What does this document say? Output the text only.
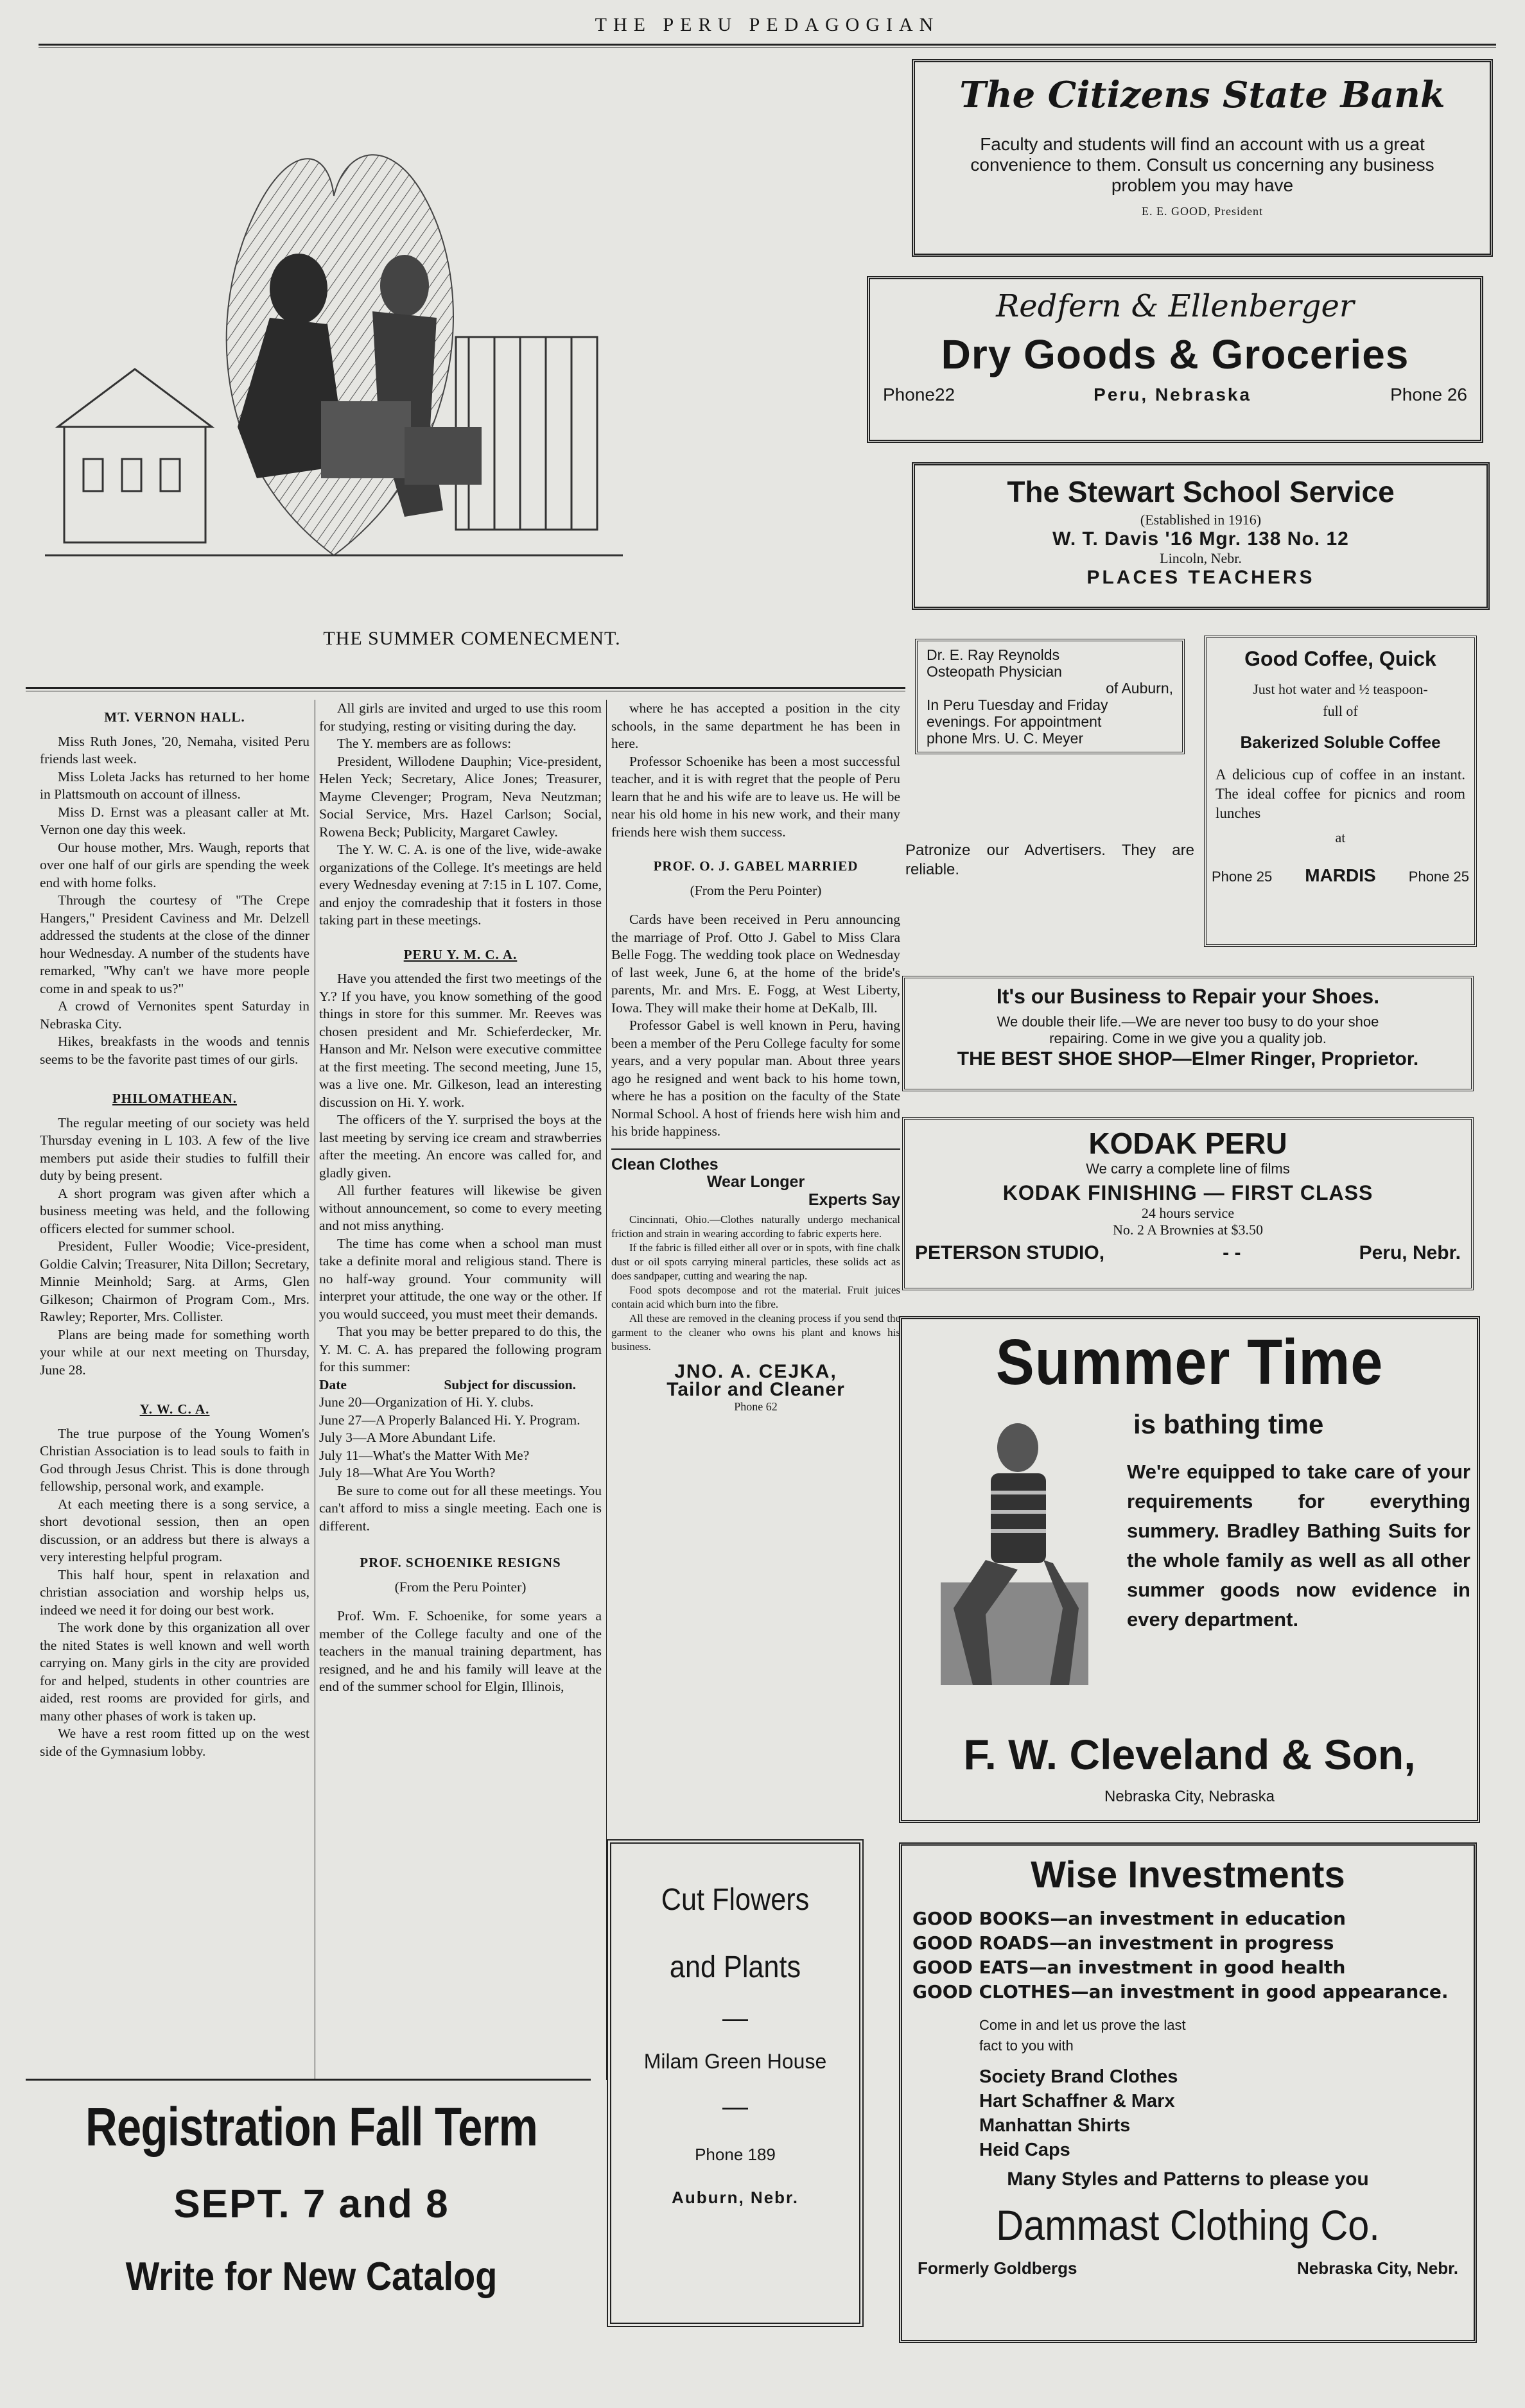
THE PERU PEDAGOGIAN
THE SUMMER COMENECMENT.
MT. VERNON HALL.

Miss Ruth Jones, '20, Nemaha, visited Peru friends last week.

Miss Loleta Jacks has returned to her home in Plattsmouth on account of illness.

Miss D. Ernst was a pleasant caller at Mt. Vernon one day this week.

Our house mother, Mrs. Waugh, reports that over one half of our girls are spending the week end with home folks.

Through the courtesy of "The Crepe Hangers," President Caviness and Mr. Delzell addressed the students at the close of the dinner hour Wednesday. A number of the students have remarked, "Why can't we have more people come in and speak to us?"

A crowd of Vernonites spent Saturday in Nebraska City.

Hikes, breakfasts in the woods and tennis seems to be the favorite past times of our girls.

PHILOMATHEAN.

The regular meeting of our society was held Thursday evening in L 103. A few of the live members put aside their studies to fulfill their duty by being present.

A short program was given after which a business meeting was held, and the following officers elected for summer school.

President, Fuller Woodie; Vice-president, Goldie Calvin; Treasurer, Nita Dillon; Secretary, Minnie Meinhold; Sarg. at Arms, Glen Gilkeson; Chairmon of Program Com., Mrs. Rawley; Reporter, Mrs. Collister.

Plans are being made for something worth your while at our next meeting on Thursday, June 28.

Y. W. C. A.

The true purpose of the Young Women's Christian Association is to lead souls to faith in God through Jesus Christ. This is done through fellowship, personal work, and example.

At each meeting there is a song service, a short devotional session, then an open discussion, or an address but there is always a very interesting helpful program.

This half hour, spent in relaxation and christian association and worship helps us, indeed we need it for doing our best work.

The work done by this organization all over the nited States is well known and well worth carrying on. Many girls in the city are provided for and helped, students in other countries are aided, rest rooms are provided for girls, and many other phases of work is taken up.

We have a rest room fitted up on the west side of the Gymnasium lobby.

All girls are invited and urged to use this room for studying, resting or visiting during the day.

The Y. members are as follows:

President, Willodene Dauphin; Vice-president, Helen Yeck; Secretary, Alice Jones; Treasurer, Mayme Clevenger; Program, Neva Neutzman; Social Service, Mrs. Hazel Carlson; Social, Rowena Beck; Publicity, Margaret Cawley.

The Y. W. C. A. is one of the live, wide-awake organizations of the College. It's meetings are held every Wednesday evening at 7:15 in L 107. Come, and enjoy the comradeship that it fosters in those taking part in these meetings.

PERU Y. M. C. A.

Have you attended the first two meetings of the Y.? If you have, you know something of the good things in store for this summer. Mr. Reeves was chosen president and Mr. Schieferdecker, Mr. Hanson and Mr. Nelson were executive committee at the first meeting. The second meeting, June 15, was a live one. Mr. Gilkeson, lead an interesting discussion on Hi. Y. work.

The officers of the Y. surprised the boys at the last meeting by serving ice cream and strawberries after the meeting. An encore was called for, and gladly given.

All further features will likewise be given without announcement, so come to every meeting and not miss anything.

The time has come when a school man must take a definite moral and religious stand. There is no half-way ground. Your community will interpret your attitude, the one way or the other. If you would succeed, you must meet their demands.

That you may be better prepared to do this, the Y. M. C. A. has prepared the following program for this summer:

Date	Subject for discussion.

June 20—Organization of Hi. Y. clubs.

June 27—A Properly Balanced Hi. Y. Program.

July 3—A More Abundant Life.

July 11—What's the Matter With Me?

July 18—What Are You Worth?

Be sure to come out for all these meetings. You can't afford to miss a single meeting. Each one is different.

PROF. SCHOENIKE RESIGNS

(From the Peru Pointer)

Prof. Wm. F. Schoenike, for some years a member of the College faculty and one of the teachers in the manual training department, has resigned, and he and his family will leave at the end of the summer school for Elgin, Illinois,

where he has accepted a position in the city schools, in the same department he has been in here.

Professor Schoenike has been a most successful teacher, and it is with regret that the people of Peru learn that he and his wife are to leave us. He will be near his old home in his new work, and their many friends here wish them success.

PROF. O. J. GABEL MARRIED

(From the Peru Pointer)

Cards have been received in Peru announcing the marriage of Prof. Otto J. Gabel to Miss Clara Belle Fogg. The wedding took place on Wednesday of last week, June 6, at the home of the bride's parents, Mr. and Mrs. E. Fogg, at West Liberty, Iowa. They will make their home at DeKalb, Ill.

Professor Gabel is well known in Peru, having been a member of the Peru College faculty for some years, and a very popular man. About three years ago he resigned and went back to his home town, where he has a position on the faculty of the State Normal School. A host of friends here wish him and his bride happiness.

Clean Clothes
Wear Longer
Experts Say

Cincinnati, Ohio.—Clothes naturally undergo mechanical friction and strain in wearing according to fabric experts here.

If the fabric is filled either all over or in spots, with fine chalk dust or oil spots carrying mineral particles, these solids act as does sandpaper, cutting and wearing the nap.

Food spots decompose and rot the material. Fruit juices contain acid which burn into the fibre.

All these are removed in the cleaning process if you send the garment to the cleaner who owns his plant and knows his business.

JNO. A. CEJKA,
Tailor and Cleaner
Phone 62
Registration Fall Term
SEPT. 7 and 8
Write for New Catalog
Cut Flowers
and Plants
—
Milam Green House
—
Phone 189
Auburn, Nebr.
The Citizens State Bank
Faculty and students will find an account with us a great convenience to them. Consult us concerning any business problem you may have
E. E. GOOD, President
Redfern & Ellenberger
Dry Goods & Groceries
Phone22	Peru, Nebraska	Phone 26
The Stewart School Service
(Established in 1916)
W. T. Davis '16 Mgr. 138 No. 12
Lincoln, Nebr.
PLACES TEACHERS
Dr. E. Ray Reynolds
Osteopath Physician
of Auburn,
In Peru Tuesday and Friday
evenings. For appointment
phone Mrs. U. C. Meyer
Patronize our Advertisers. They are reliable.
Good Coffee, Quick
Just hot water and ½ teaspoon-
full of
Bakerized Soluble Coffee
A delicious cup of coffee in an instant. The ideal coffee for picnics and room lunches
at
Phone 25 MARDIS Phone 25
It's our Business to Repair your Shoes.
We double their life.—We are never too busy to do your shoe
repairing. Come in we give you a quality job.
THE BEST SHOE SHOP—Elmer Ringer, Proprietor.
KODAK PERU
We carry a complete line of films
KODAK FINISHING — FIRST CLASS
24 hours service
No. 2 A Brownies at $3.50
PETERSON STUDIO,	- -	Peru, Nebr.
Summer Time
is bathing time
We're equipped to take care of your requirements for everything summery. Bradley Bathing Suits for the whole family as well as all other summer goods now evidence in every department.
F. W. Cleveland & Son,
Nebraska City, Nebraska
Wise Investments
GOOD BOOKS—an investment in education
GOOD ROADS—an investment in progress
GOOD EATS—an investment in good health
GOOD CLOTHES—an investment in good appearance.
Come in and let us prove the last
fact to you with
Society Brand Clothes
Hart Schaffner & Marx
Manhattan Shirts
Heid Caps
Many Styles and Patterns to please you
Dammast Clothing Co.
Formerly Goldbergs	Nebraska City, Nebr.
